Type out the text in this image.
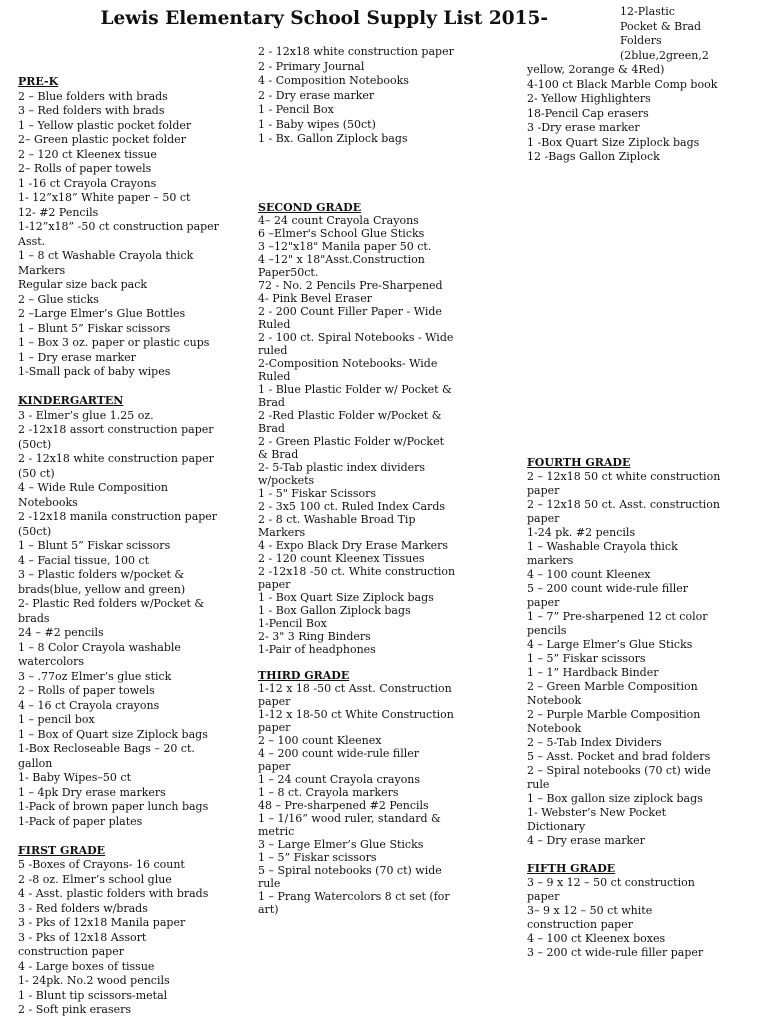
Lewis Elementary School Supply List 2015-
PRE-K
2 – Blue folders with brads
3 – Red folders with brads
1 – Yellow plastic pocket folder
2– Green plastic pocket folder
2 – 120 ct Kleenex tissue
2– Rolls of paper towels
1 -16 ct Crayola Crayons
1- 12”x18” White paper – 50 ct
12- #2 Pencils
1-12”x18” -50 ct construction paper
Asst.
1 – 8 ct Washable Crayola thick
Markers
Regular size back pack
2 – Glue sticks
2 –Large Elmer’s Glue Bottles
1 – Blunt 5” Fiskar scissors
1 – Box 3 oz. paper or plastic cups
1 – Dry erase marker
1-Small pack of baby wipes

KINDERGARTEN
3 - Elmer’s glue 1.25 oz.
2 -12x18 assort construction paper
(50ct)
2 - 12x18 white construction paper
(50 ct)
4 – Wide Rule Composition
Notebooks
2 -12x18 manila construction paper
(50ct)
1 – Blunt 5” Fiskar scissors
4 – Facial tissue, 100 ct
3 – Plastic folders w/pocket &
brads(blue, yellow and green)
2- Plastic Red folders w/Pocket &
brads
24 – #2 pencils
1 – 8 Color Crayola washable
watercolors
3 – .77oz Elmer’s glue stick
2 – Rolls of paper towels
4 – 16 ct Crayola crayons
1 – pencil box
1 – Box of Quart size Ziplock bags
1-Box Recloseable Bags – 20 ct.
gallon
1- Baby Wipes–50 ct
1 – 4pk Dry erase markers
1-Pack of brown paper lunch bags
1-Pack of paper plates

FIRST GRADE
5 -Boxes of Crayons- 16 count
2 -8 oz. Elmer’s school glue
4 - Asst. plastic folders with brads
3 - Red folders w/brads
3 - Pks of 12x18 Manila paper
3 - Pks of 12x18 Assort
construction paper
4 - Large boxes of tissue
1- 24pk. No.2 wood pencils
1 - Blunt tip scissors-metal
2 - Soft pink erasers
2 - 12x18 white construction paper
2 - Primary Journal
4 - Composition Notebooks
2 - Dry erase marker
1 - Pencil Box
1 - Baby wipes (50ct)
1 - Bx. Gallon Ziplock bags
SECOND GRADE
4– 24 count Crayola Crayons
6 –Elmer's School Glue Sticks
3 –12"x18" Manila paper 50 ct.
4 –12" x 18"Asst.Construction
Paper50ct.
72 - No. 2 Pencils Pre-Sharpened
4- Pink Bevel Eraser
2 - 200 Count Filler Paper - Wide
Ruled
2 - 100 ct. Spiral Notebooks - Wide
ruled
2-Composition Notebooks- Wide
Ruled
1 - Blue Plastic Folder w/ Pocket &
Brad
2 -Red Plastic Folder w/Pocket &
Brad
2 - Green Plastic Folder w/Pocket
& Brad
2- 5-Tab plastic index dividers
w/pockets
1 - 5" Fiskar Scissors
2 - 3x5 100 ct. Ruled Index Cards
2 - 8 ct. Washable Broad Tip
Markers
4 - Expo Black Dry Erase Markers
2 - 120 count Kleenex Tissues
2 -12x18 -50 ct. White construction
paper
1 - Box Quart Size Ziplock bags
1 - Box Gallon Ziplock bags
1-Pencil Box
2- 3" 3 Ring Binders
1-Pair of headphones
THIRD GRADE
1-12 x 18 -50 ct Asst. Construction
paper
1-12 x 18-50 ct White Construction
paper
2 – 100 count Kleenex
4 – 200 count wide-rule filler
paper
1 – 24 count Crayola crayons
1 – 8 ct. Crayola markers
48 – Pre-sharpened #2 Pencils
1 – 1/16” wood ruler, standard &
metric
3 – Large Elmer’s Glue Sticks
1 – 5” Fiskar scissors
5 – Spiral notebooks (70 ct) wide
rule
1 – Prang Watercolors 8 ct set (for
art)
12-Plastic
Pocket & Brad
Folders
(2blue,2green,2
yellow, 2orange & 4Red)
4-100 ct Black Marble Comp book
2- Yellow Highlighters
18-Pencil Cap erasers
3 -Dry erase marker
1 -Box Quart Size Ziplock bags
12 -Bags Gallon Ziplock
FOURTH GRADE
2 – 12x18 50 ct white construction
paper
2 – 12x18 50 ct. Asst. construction
paper
1-24 pk. #2 pencils
1 – Washable Crayola thick
markers
4 – 100 count Kleenex
5 – 200 count wide-rule filler
paper
1 – 7” Pre-sharpened 12 ct color
pencils
4 – Large Elmer’s Glue Sticks
1 – 5” Fiskar scissors
1 – 1” Hardback Binder
2 – Green Marble Composition
Notebook
2 – Purple Marble Composition
Notebook
2 – 5-Tab Index Dividers
5 – Asst. Pocket and brad folders
2 – Spiral notebooks (70 ct) wide
rule
1 – Box gallon size ziplock bags
1- Webster’s New Pocket
Dictionary
4 – Dry erase marker
FIFTH GRADE
3 – 9 x 12 – 50 ct construction
paper
3– 9 x 12 – 50 ct white
construction paper
4 – 100 ct Kleenex boxes
3 – 200 ct wide-rule filler paper
